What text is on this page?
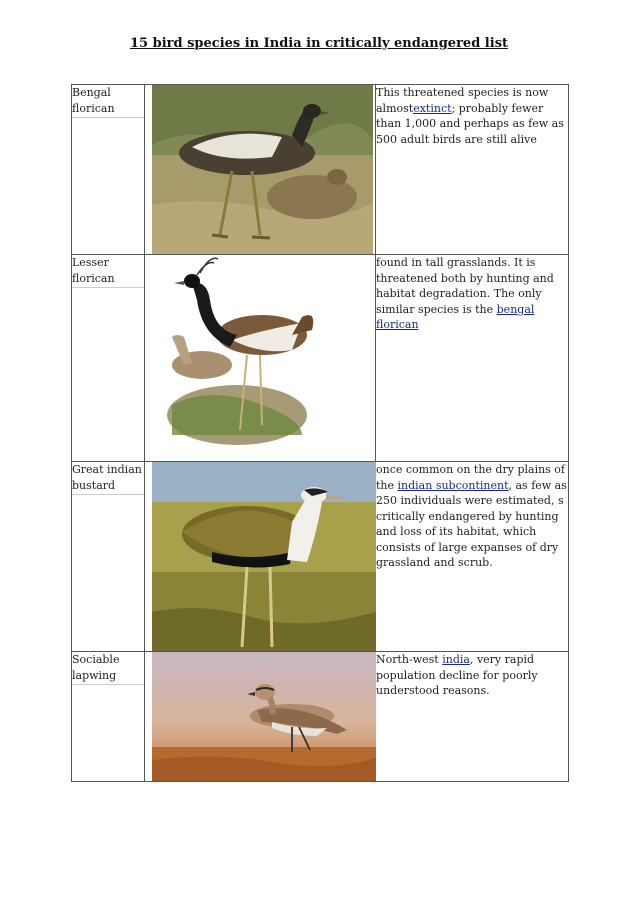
15 bird species in India in critically endangered list
Bengal florican		This threatened species is now almostextinct; probably fewer than 1,000 and perhaps as few as 500 adult birds are still alive

Lesser florican		found in tall grasslands. It is threatened both by hunting and habitat degradation. The only similar species is the bengal florican

Great indian bustard		once common on the dry plains of the indian subcontinent, as few as 250 individuals were estimated, s critically endangered by hunting and loss of its habitat, which consists of large expanses of dry grassland and scrub.

Sociable lapwing		North-west india, very rapid population decline for poorly understood reasons.
